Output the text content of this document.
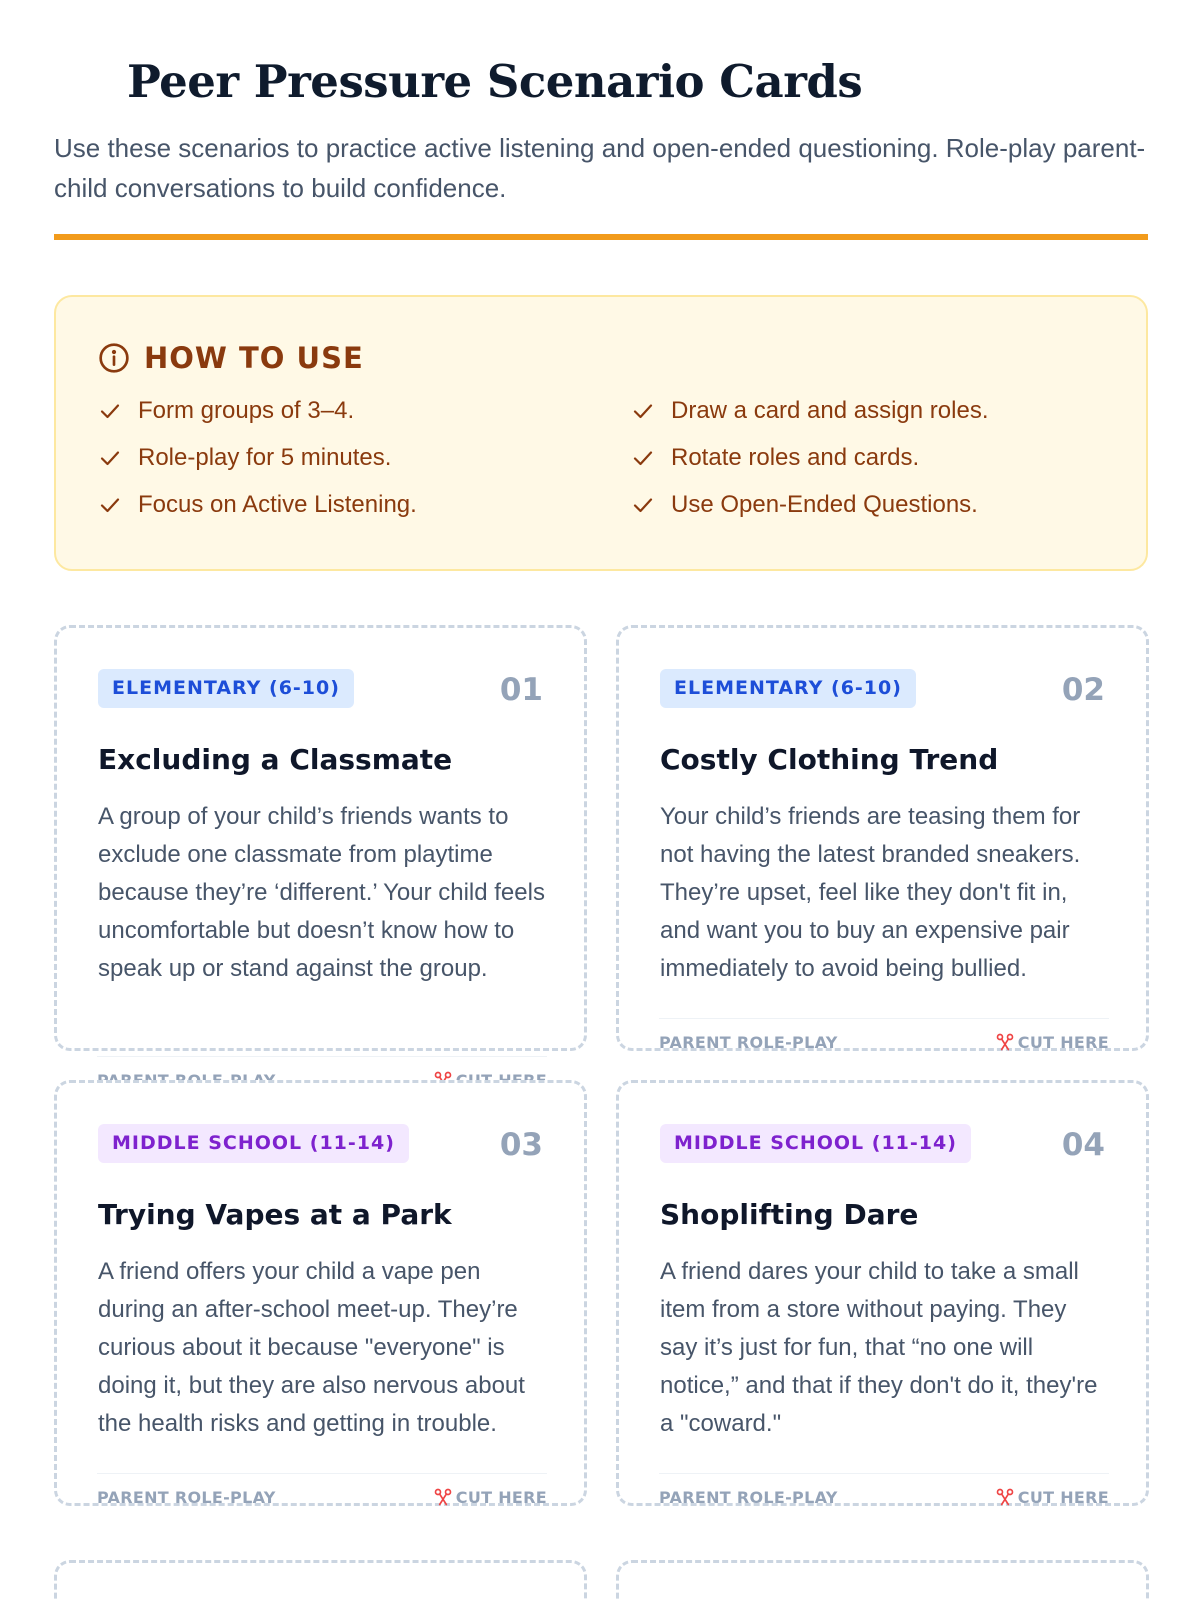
Peer Pressure Scenario Cards

Use these scenarios to practice active listening and open-ended questioning. Role-play parent-child conversations to build confidence.

HOW TO USE
Form groups of 3–4.
Role-play for 5 minutes.
Focus on Active Listening.
Draw a card and assign roles.
Rotate roles and cards.
Use Open-Ended Questions.
ELEMENTARY (6-10)	01
Excluding a Classmate

A group of your child’s friends wants to exclude one classmate from playtime because they’re ‘different.’ Your child feels uncomfortable but doesn’t know how to speak up or stand against the group.

ELEMENTARY (6-10)	02
Costly Clothing Trend

Your child’s friends are teasing them for not having the latest branded sneakers. They’re upset, feel like they don't fit in, and want you to buy an expensive pair immediately to avoid being bullied.

PARENT ROLE-PLAY	CUT HERE
MIDDLE SCHOOL (11-14)	03
Trying Vapes at a Park

A friend offers your child a vape pen during an after-school meet-up. They’re curious about it because "everyone" is doing it, but they are also nervous about the health risks and getting in trouble.

PARENT ROLE-PLAY	CUT HERE
MIDDLE SCHOOL (11-14)	04
Shoplifting Dare

A friend dares your child to take a small item from a store without paying. They say it’s just for fun, that “no one will notice,” and that if they don't do it, they're a "coward."

PARENT ROLE-PLAY	CUT HERE
